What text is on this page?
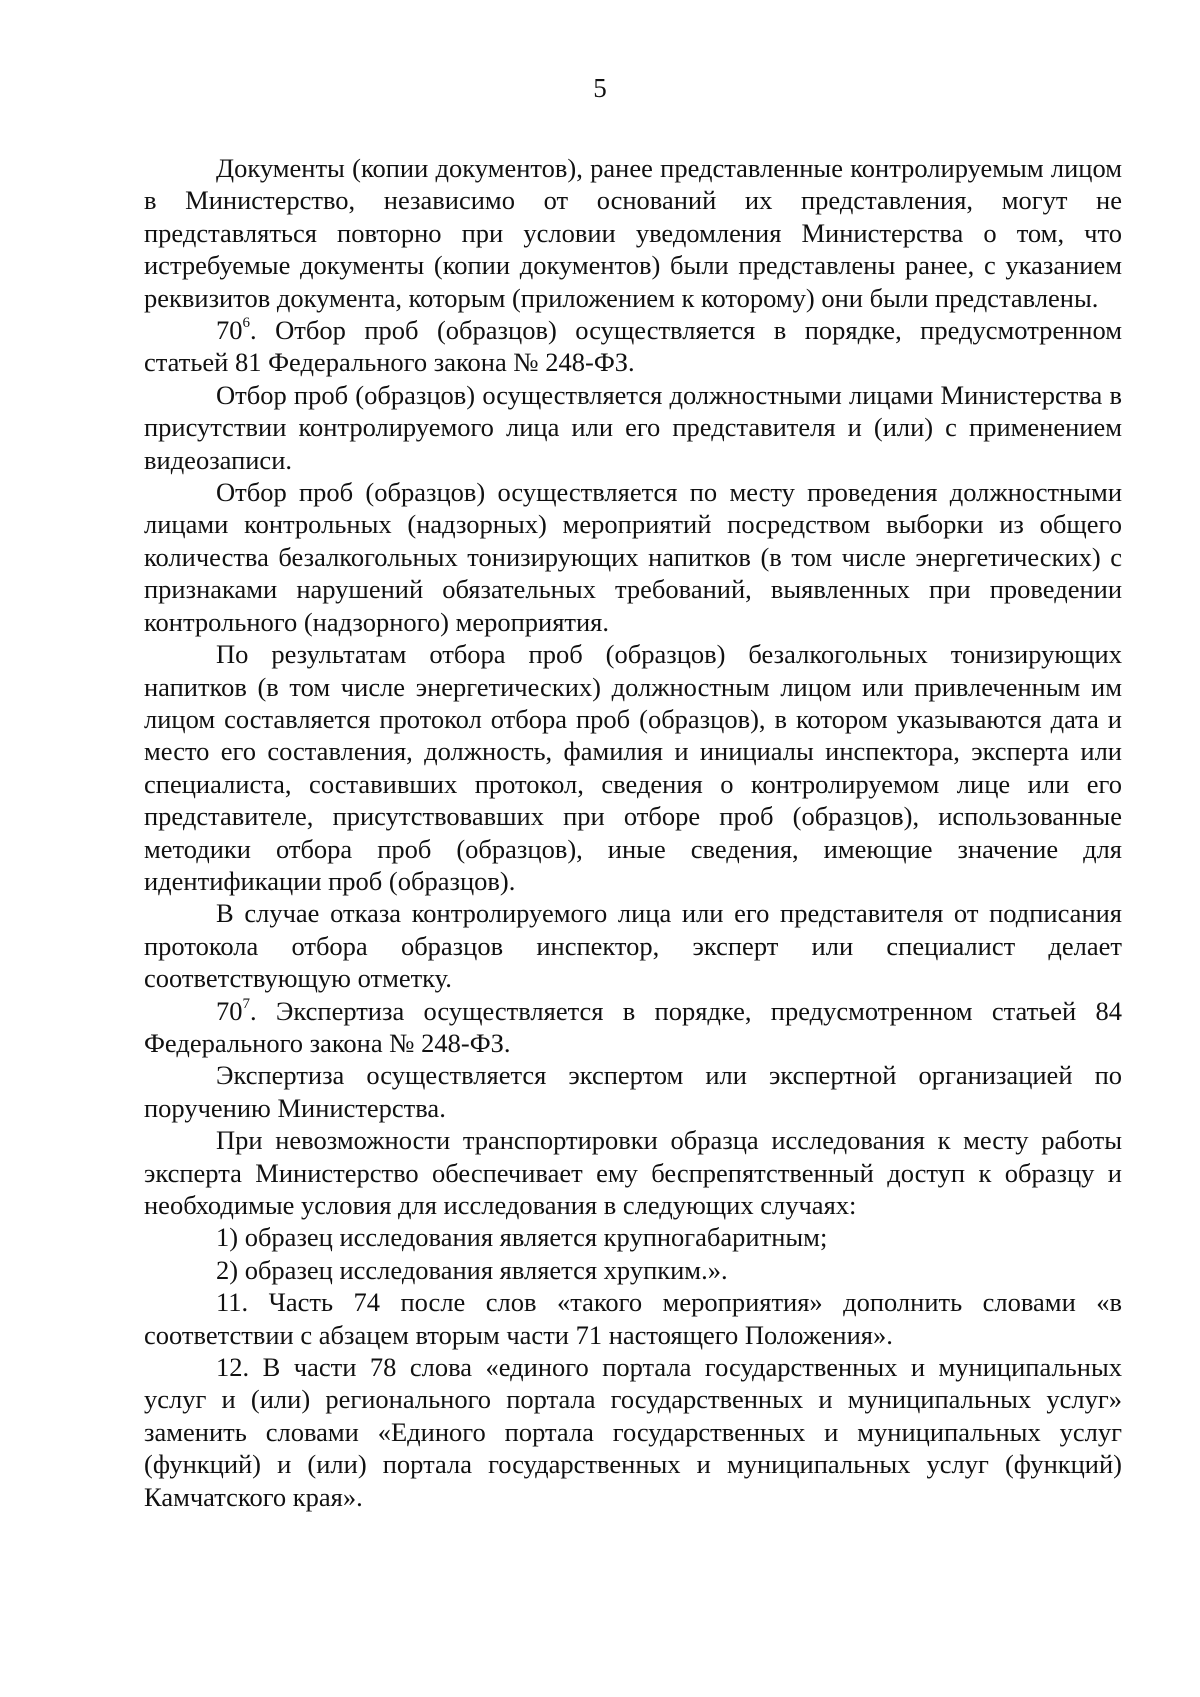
5

Документы (копии документов), ранее представленные контролируемым лицом в Министерство, независимо от оснований их представления, могут не представляться повторно при условии уведомления Министерства о том, что истребуемые документы (копии документов) были представлены ранее, с указанием реквизитов документа, которым (приложением к которому) они были представлены.

$70^6$. Отбор проб (образцов) осуществляется в порядке, предусмотренном статьей 81 Федерального закона № 248-ФЗ.

Отбор проб (образцов) осуществляется должностными лицами Министерства в присутствии контролируемого лица или его представителя и (или) с применением видеозаписи.

Отбор проб (образцов) осуществляется по месту проведения должностными лицами контрольных (надзорных) мероприятий посредством выборки из общего количества безалкогольных тонизирующих напитков (в том числе энергетических) с признаками нарушений обязательных требований, выявленных при проведении контрольного (надзорного) мероприятия.

По результатам отбора проб (образцов) безалкогольных тонизирующих напитков (в том числе энергетических) должностным лицом или привлеченным им лицом составляется протокол отбора проб (образцов), в котором указываются дата и место его составления, должность, фамилия и инициалы инспектора, эксперта или специалиста, составивших протокол, сведения о контролируемом лице или его представителе, присутствовавших при отборе проб (образцов), использованные методики отбора проб (образцов), иные сведения, имеющие значение для идентификации проб (образцов).

В случае отказа контролируемого лица или его представителя от подписания протокола отбора образцов инспектор, эксперт или специалист делает соответствующую отметку.

$70^7$. Экспертиза осуществляется в порядке, предусмотренном статьей 84 Федерального закона № 248-ФЗ.

Экспертиза осуществляется экспертом или экспертной организацией по поручению Министерства.

При невозможности транспортировки образца исследования к месту работы эксперта Министерство обеспечивает ему беспрепятственный доступ к образцу и необходимые условия для исследования в следующих случаях:

1) образец исследования является крупногабаритным;

2) образец исследования является хрупким.».

11. Часть 74 после слов «такого мероприятия» дополнить словами «в соответствии с абзацем вторым части 71 настоящего Положения».

12. В части 78 слова «единого портала государственных и муниципальных услуг и (или) регионального портала государственных и муниципальных услуг» заменить словами «Единого портала государственных и муниципальных услуг (функций) и (или) портала государственных и муниципальных услуг (функций) Камчатского края».
